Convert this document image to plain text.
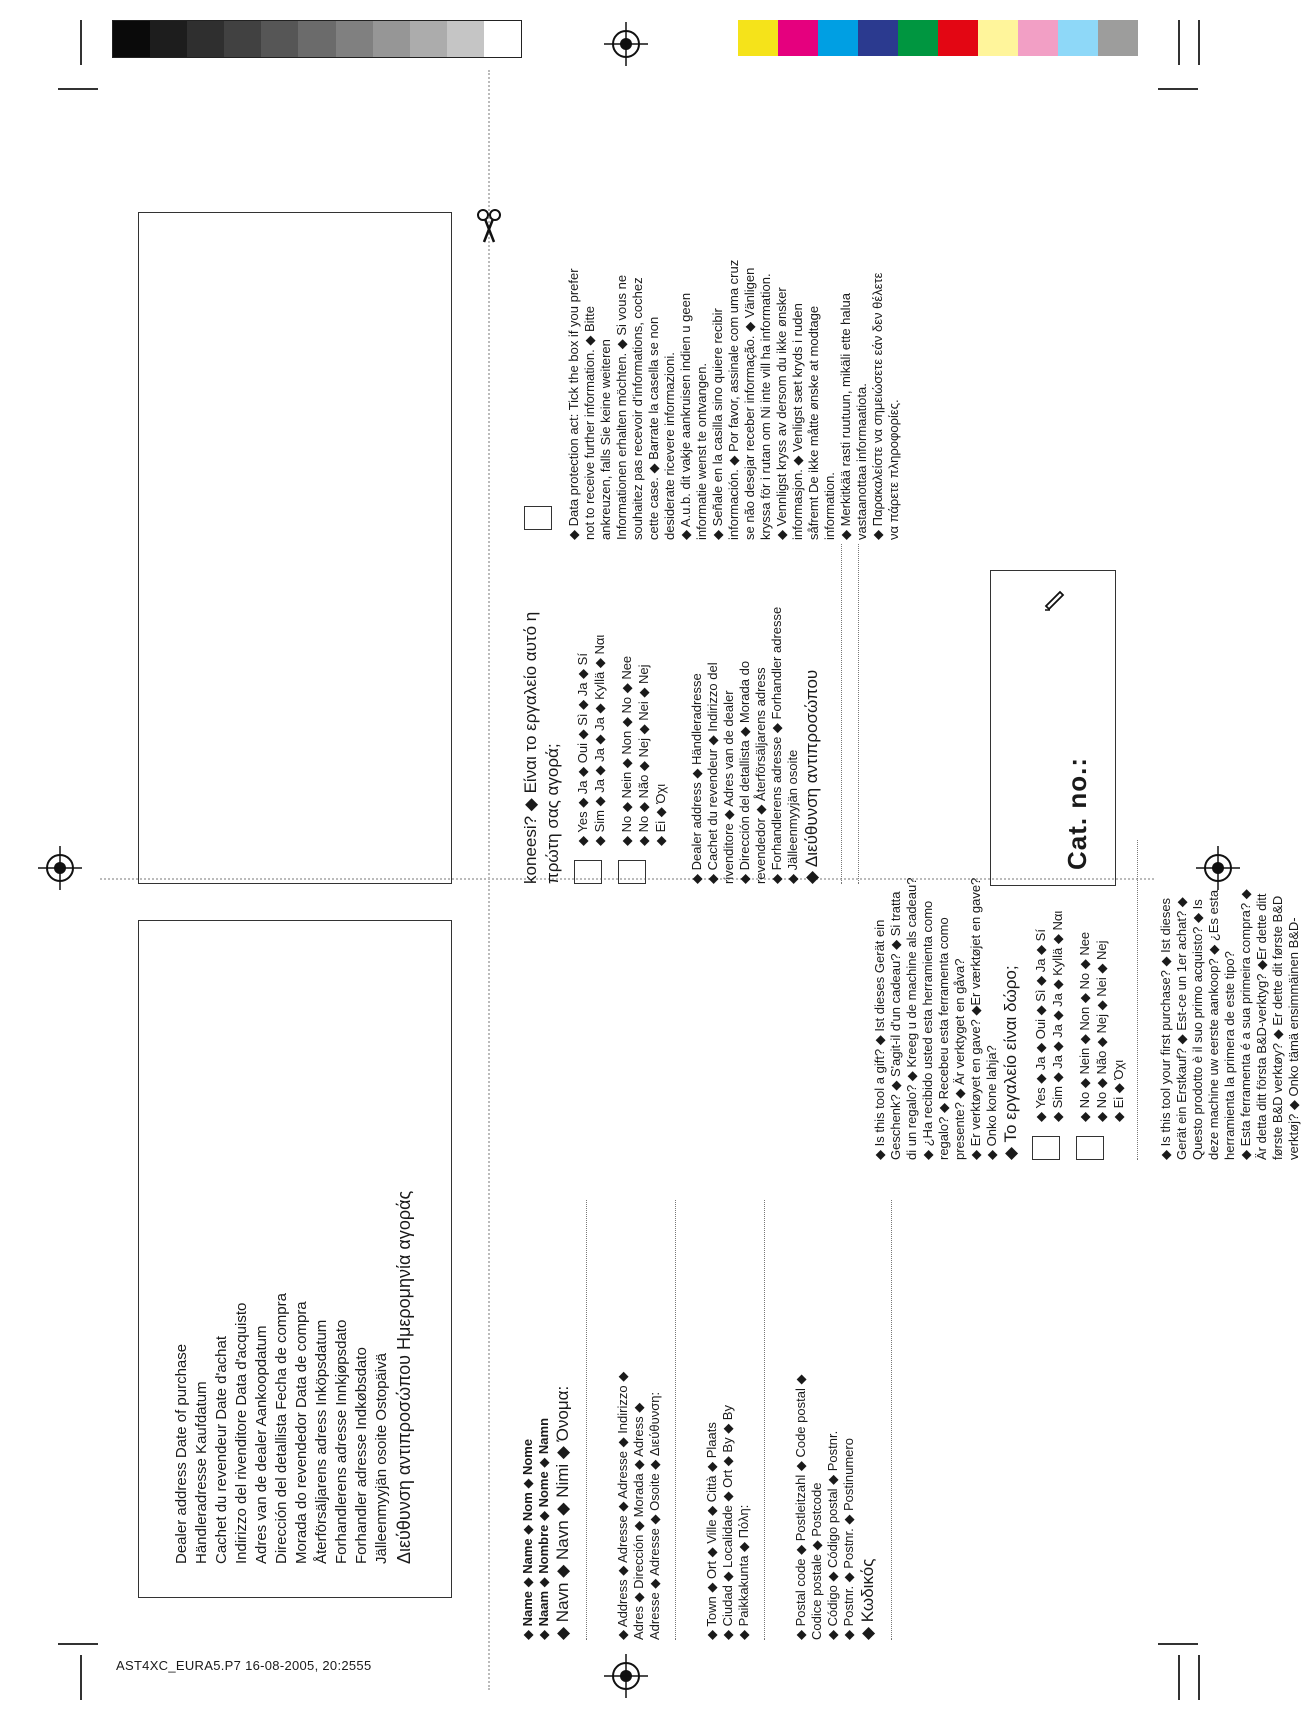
Dealer address Date of purchase Händleradresse Kaufdatum Cachet du revendeur Date d'achat Indirizzo del rivenditore Data d'acquisto Adres van de dealer Aankoopdatum Dirección del detallista Fecha de compra Morada do revendedor Data de compra Återförsäljarens adress Inköpsdatum Forhandlerens adresse Innkjøpsdato Forhandler adresse Indkøbsdato Jälleenmyyjän osoite Ostopäivä Διεύθυνση αντιπροσώπου Ημερομηνία αγοράς	◆ Name ◆ Name ◆ Nom ◆ Nome ◆ Naam ◆ Nombre ◆ Nome ◆ Namn ◆ Navn ◆ Navn ◆ Nimi ◆ Όνομα:	◆ Address ◆ Adresse ◆ Adresse ◆ Indirizzo ◆ Adres ◆ Dirección ◆ Morada ◆ Adress ◆ Adresse ◆ Adresse ◆ Osoite ◆ Διεύθυνση:	◆ Town ◆ Ort ◆ Ville ◆ Città ◆ Plaats ◆ Ciudad ◆ Localidade ◆ Ort ◆ By ◆ By ◆ Paikkakunta ◆ Πόλη:	◆ Postal code ◆ Postleitzahl ◆ Code postal ◆ Codice postale ◆ Postcode ◆ Código ◆ Código postal ◆ Postnr. ◆ Postnr. ◆ Postnr. ◆ Postinumero ◆ Κωδικός
◆ Is this tool a gift? ◆ Ist dieses Gerät ein Geschenk? ◆ S'agit-il d'un cadeau? ◆ Si tratta di un regalo? ◆ Kreeg u de machine als cadeau? ◆ ¿Ha recibido usted esta herramienta como regalo? ◆ Recebeu esta ferramenta como presente? ◆ Är verktyget en gåva? ◆ Er verktøyet en gave? ◆Er værktøjet en gave? ◆ Onko kone lahja? ◆ Το εργαλείο είναι δώρο; ◆ Yes ◆ Ja ◆ Oui ◆ Sì ◆ Ja ◆ Sí ◆ Sim ◆ Ja ◆ Ja ◆ Ja ◆ Kyllä ◆ Ναι ◆ No ◆ Nein ◆ Non ◆ No ◆ Nee ◆ No ◆ Não ◆ Nej ◆ Nei ◆ Nej ◆ Ei ◆ Όχι ◆ Is this tool your first purchase? ◆ Ist dieses Gerät ein Erstkauf? ◆ Est-ce un 1er achat? ◆ Questo prodotto è il suo primo acquisto? ◆ Is deze machine uw eerste aankoop? ◆ ¿Es esta herramienta la primera de este tipo? ◆ Esta ferramenta é a sua primeira compra? ◆ Är detta ditt första B&D-verktyg? ◆Er dette ditt første B&D verktøy? ◆ Er dette dit første B&D verktøj? ◆ Onko tämä ensimmäinen B&D-
koneesi? ◆ Είναι το εργαλείο αυτό η πρώτη σας αγορά; ◆ Yes ◆ Ja ◆ Oui ◆ Sì ◆ Ja ◆ Sí ◆ Sim ◆ Ja ◆ Ja ◆ Ja ◆ Kyllä ◆ Ναι ◆ No ◆ Nein ◆ Non ◆ No ◆ Nee ◆ No ◆ Não ◆ Nej ◆ Nei ◆ Nej ◆ Ei ◆ Όχι ◆ Dealer address ◆ Händleradresse ◆ Cachet du revendeur ◆ Indirizzo del rivenditore ◆ Adres van de dealer ◆ Dirección del detallista ◆ Morada do revendedor ◆ Återförsäljarens adress ◆ Forhandlerens adresse ◆ Forhandler adresse ◆ Jälleenmyyjän osoite ◆ Διεύθυνση αντιπροσώπου	Cat. no.:
◆ Data protection act: Tick the box if you prefer not to receive further information. ◆ Bitte ankreuzen, falls Sie keine weiteren Informationen erhalten möchten. ◆ Si vous ne souhaitez pas recevoir d'informations, cochez cette case. ◆ Barrate la casella se non desiderate ricevere informazioni. ◆ A.u.b. dit vakje aankruisen indien u geen informatie wenst te ontvangen. ◆ Señale en la casilla sino quiere recibir información. ◆ Por favor, assinale com uma cruz se não desejar receber informação. ◆ Vänligen kryssa för i rutan om Ni inte vill ha information. ◆ Vennligst kryss av dersom du ikke ønsker informasjon. ◆ Venligst sæt kryds i ruden såfremt De ikke måtte ønske at modtage information. ◆ Merkitkää rasti ruutuun, mikäli ette halua vastaanottaa informaatiota. ◆ Παρακαλείστε να σημειώσετε εάν δεν θέλετε να πάρετε πληροφορίες.
AST4XC_EURA5.P7 16-08-2005, 20:2555
